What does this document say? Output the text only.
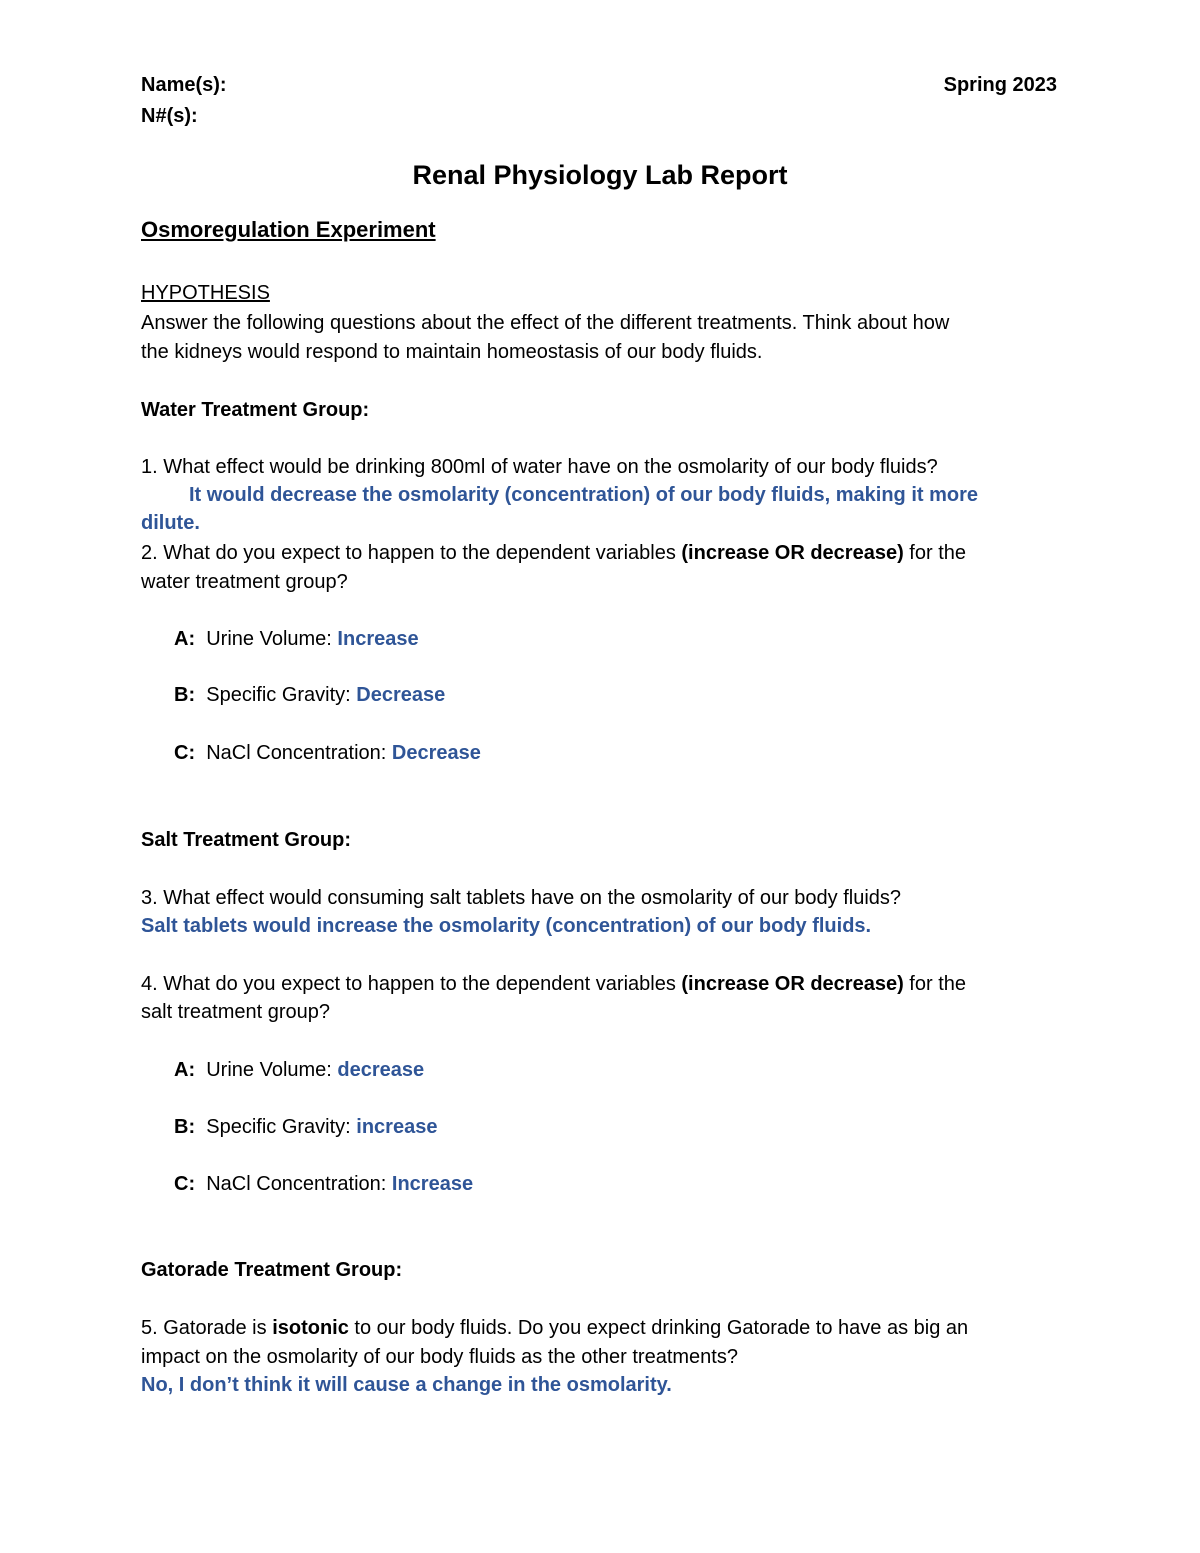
Name(s):	Spring 2023
N#(s):
Renal Physiology Lab Report
Osmoregulation Experiment
HYPOTHESIS
Answer the following questions about the effect of the different treatments. Think about how
the kidneys would respond to maintain homeostasis of our body fluids.
Water Treatment Group:
1. What effect would be drinking 800ml of water have on the osmolarity of our body fluids?
It would decrease the osmolarity (concentration) of our body fluids, making it more
dilute.
2. What do you expect to happen to the dependent variables (increase OR decrease) for the
water treatment group?
A: Urine Volume: Increase
B: Specific Gravity: Decrease
C: NaCl Concentration: Decrease
Salt Treatment Group:
3. What effect would consuming salt tablets have on the osmolarity of our body fluids?
Salt tablets would increase the osmolarity (concentration) of our body fluids.
4. What do you expect to happen to the dependent variables (increase OR decrease) for the
salt treatment group?
A: Urine Volume: decrease
B: Specific Gravity: increase
C: NaCl Concentration: Increase
Gatorade Treatment Group:
5. Gatorade is isotonic to our body fluids. Do you expect drinking Gatorade to have as big an
impact on the osmolarity of our body fluids as the other treatments?
No, I don’t think it will cause a change in the osmolarity.
